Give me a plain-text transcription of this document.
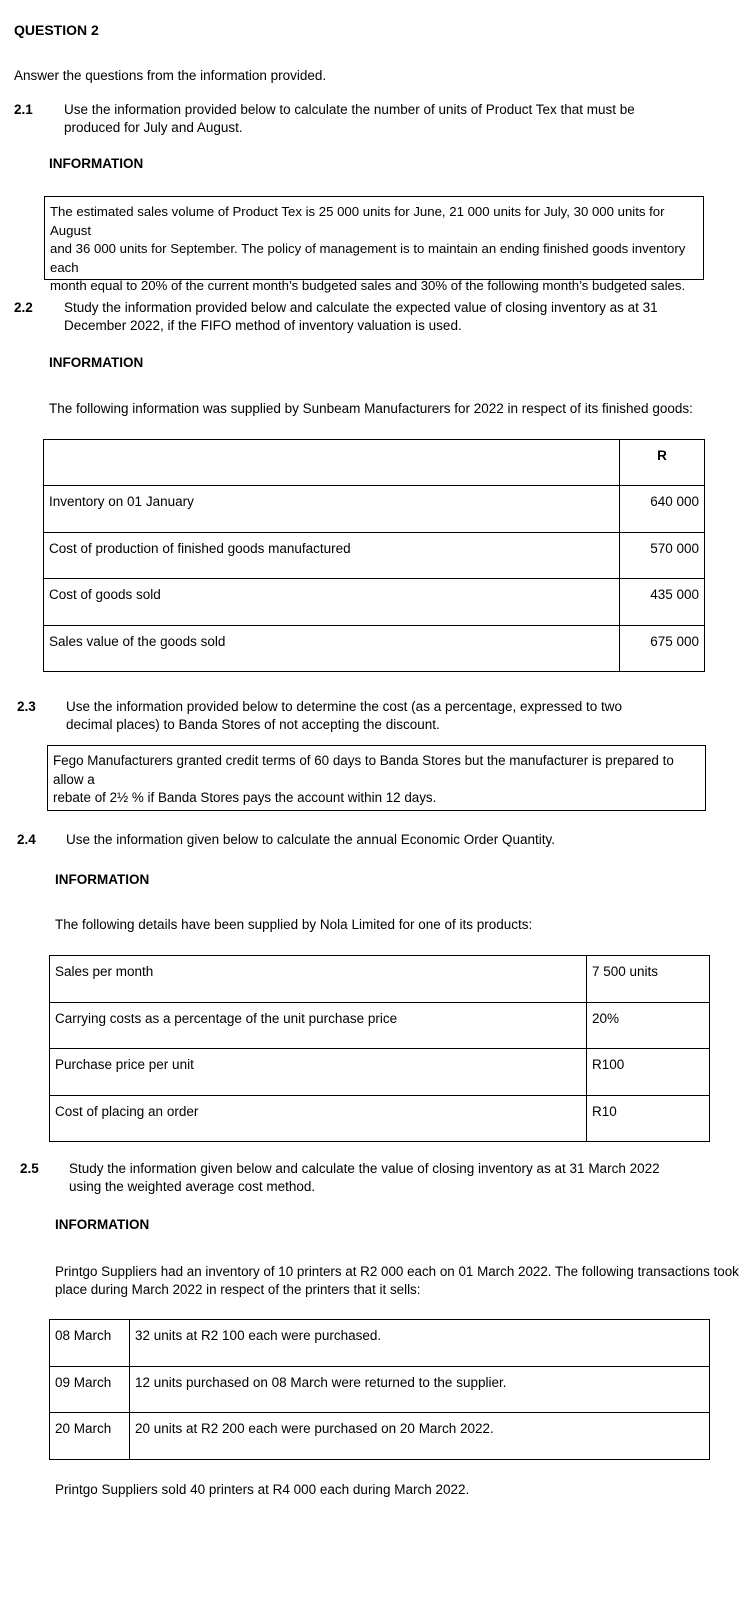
QUESTION 2
Answer the questions from the information provided.
2.1 Use the information provided below to calculate the number of units of Product Tex that must be
produced for July and August.
INFORMATION
The estimated sales volume of Product Tex is 25 000 units for June, 21 000 units for July, 30 000 units for August
and 36 000 units for September. The policy of management is to maintain an ending finished goods inventory each
month equal to 20% of the current month’s budgeted sales and 30% of the following month’s budgeted sales.
2.2 Study the information provided below and calculate the expected value of closing inventory as at 31
December 2022, if the FIFO method of inventory valuation is used.
INFORMATION
The following information was supplied by Sunbeam Manufacturers for 2022 in respect of its finished goods:
	R
Inventory on 01 January	640 000
Cost of production of finished goods manufactured	570 000
Cost of goods sold	435 000
Sales value of the goods sold	675 000
2.3 Use the information provided below to determine the cost (as a percentage, expressed to two
decimal places) to Banda Stores of not accepting the discount.
Fego Manufacturers granted credit terms of 60 days to Banda Stores but the manufacturer is prepared to allow a
rebate of 2½ % if Banda Stores pays the account within 12 days.
2.4 Use the information given below to calculate the annual Economic Order Quantity.
INFORMATION
The following details have been supplied by Nola Limited for one of its products:
Sales per month	7 500 units
Carrying costs as a percentage of the unit purchase price	20%
Purchase price per unit	R100
Cost of placing an order	R10
2.5 Study the information given below and calculate the value of closing inventory as at 31 March 2022
using the weighted average cost method.
INFORMATION
Printgo Suppliers had an inventory of 10 printers at R2 000 each on 01 March 2022. The following transactions took
place during March 2022 in respect of the printers that it sells:
08 March	32 units at R2 100 each were purchased.
09 March	12 units purchased on 08 March were returned to the supplier.
20 March	20 units at R2 200 each were purchased on 20 March 2022.
Printgo Suppliers sold 40 printers at R4 000 each during March 2022.
